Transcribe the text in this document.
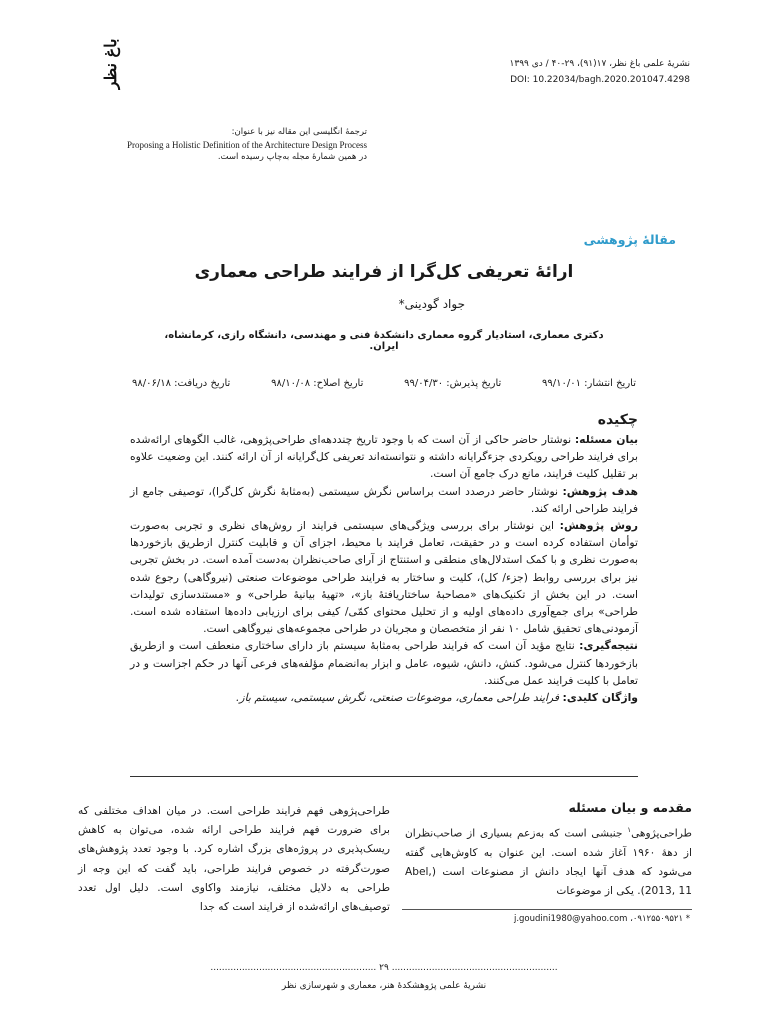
باغ نظر	نشریهٔ علمی باغ نظر، ۱۷(۹۱)، ۲۹-۴۰ / دی ۱۳۹۹
DOI: 10.22034/bagh.2020.201047.4298
ترجمهٔ انگلیسی این مقاله نیز با عنوان:
Proposing a Holistic Definition of the Architecture Design Process
در همین شمارهٔ مجله به‌چاپ رسیده است.
مقالهٔ پژوهشی
ارائهٔ تعریفی کل‌گرا از فرایند طراحی معماری
جواد گودینی*
دکتری معماری، استادیار گروه معماری دانشکدهٔ فنی و مهندسی، دانشگاه رازی، کرمانشاه، ایران.
تاریخ دریافت: ۹۸/۰۶/۱۸	تاریخ اصلاح: ۹۸/۱۰/۰۸	تاریخ پذیرش: ۹۹/۰۴/۳۰	تاریخ انتشار: ۹۹/۱۰/۰۱
چکیده

بیان مسئله: نوشتار حاضر حاکی از آن است که با وجود تاریخ چنددهه‌ای طراحی‌پژوهی، غالب الگوهای ارائه‌شده برای فرایند طراحی رویکردی جزءگرایانه داشته و نتوانسته‌اند تعریفی کل‌گرایانه از آن ارائه کنند. این وضعیت علاوه بر تقلیل کلیت فرایند، مانع درک جامع آن است.

هدف پژوهش: نوشتار حاضر درصدد است براساس نگرش سیستمی (به‌مثابهٔ نگرش کل‌گرا)، توصیفی جامع از فرایند طراحی ارائه کند.

روش پژوهش: این نوشتار برای بررسی ویژگی‌های سیستمی فرایند از روش‌های نظری و تجربی به‌صورت توأمان استفاده کرده است و در حقیقت، تعامل فرایند با محیط، اجزای آن و قابلیت کنترل ازطریق بازخوردها به‌صورت نظری و با کمک استدلال‌های منطقی و استنتاج از آرای صاحب‌نظران به‌دست آمده است. در بخش تجربی نیز برای بررسی روابط (جزء/ کل)، کلیت و ساختار به فرایند طراحی موضوعات صنعتی (نیروگاهی) رجوع شده است. در این بخش از تکنیک‌های «مصاحبهٔ ساختاریافتهٔ باز»، «تهیهٔ بیانیهٔ طراحی» و «مستندسازی تولیدات طراحی» برای جمع‌آوری داده‌های اولیه و از تحلیل محتوای کمّی/ کیفی برای ارزیابی داده‌ها استفاده شده است. آزمودنی‌های تحقیق شامل ۱۰ نفر از متخصصان و مجریان در طراحی مجموعه‌های نیروگاهی است.

نتیجه‌گیری: نتایج مؤید آن است که فرایند طراحی به‌مثابهٔ سیستم باز دارای ساختاری منعطف است و ازطریق بازخوردها کنترل می‌شود. کنش، دانش، شیوه، عامل و ابزار به‌انضمام مؤلفه‌های فرعی آنها در حکم اجزاست و در تعامل با کلیت فرایند عمل می‌کنند.

واژگان کلیدی: فرایند طراحی معماری، موضوعات صنعتی، نگرش سیستمی، سیستم باز.

مقدمه و بیان مسئله

طراحی‌پژوهی$^۱$ جنبشی است که به‌زعم بسیاری از صاحب‌نظران از دههٔ ۱۹۶۰ آغاز شده است. این عنوان به کاوش‌هایی گفته می‌شود که هدف آنها ایجاد دانش از مصنوعات است (Abel, 2013, 11). یکی از موضوعات

طراحی‌پژوهی فهم فرایند طراحی است. در میان اهداف مختلفی که برای ضرورت فهم فرایند طراحی ارائه شده، می‌توان به کاهش ریسک‌پذیری در پروژه‌های بزرگ اشاره کرد. با وجود تعدد پژوهش‌های صورت‌گرفته در خصوص فرایند طراحی، باید گفت که این وجه از طراحی به دلایل مختلف، نیازمند واکاوی است. دلیل اول تعدد توصیف‌های ارائه‌شده از فرایند است که جدا

* j.goudini1980@yahoo.com ،۰۹۱۲۵۵۰۹۵۲۱
.......................................................... ۲۹ ..........................................................
نشریهٔ علمی پژوهشکدهٔ هنر، معماری و شهرسازی نظر
